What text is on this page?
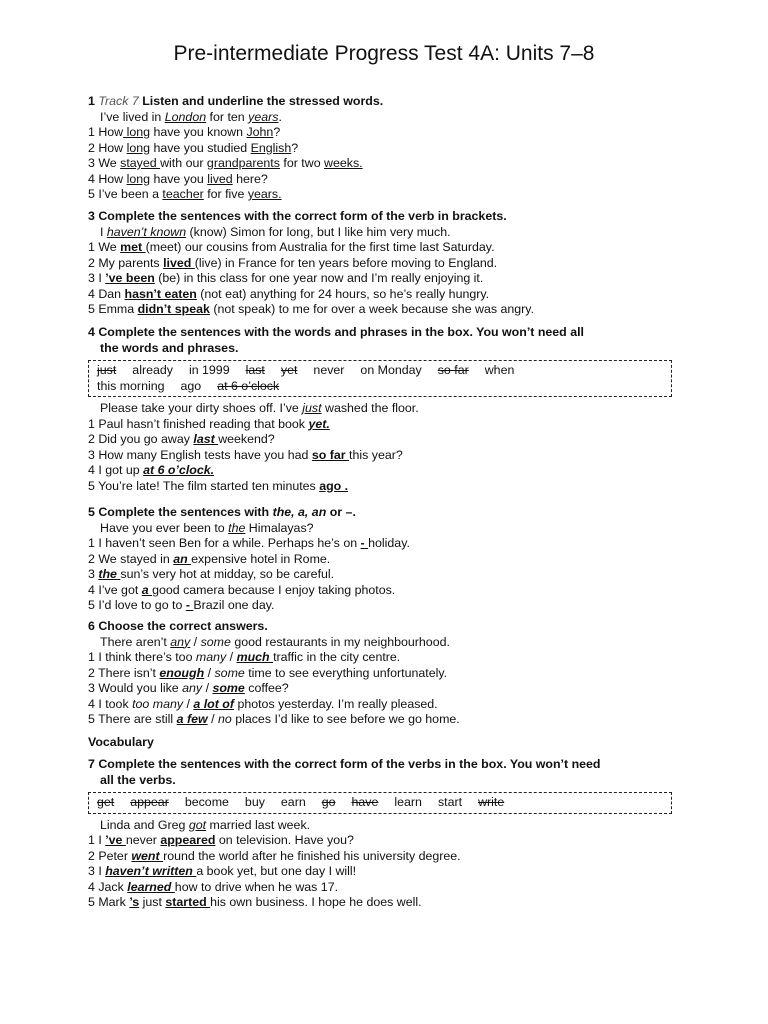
Pre-intermediate Progress Test 4A: Units 7–8
1 Track 7 Listen and underline the stressed words.
I’ve lived in London for ten years.
1 How long have you known John?
2 How long have you studied English?
3 We stayed with our grandparents for two weeks.
4 How long have you lived here?
5 I’ve been a teacher for five years.
3 Complete the sentences with the correct form of the verb in brackets.
I haven’t known (know) Simon for long, but I like him very much.
1 We met (meet) our cousins from Australia for the first time last Saturday.
2 My parents lived (live) in France for ten years before moving to England.
3 I ’ve been (be) in this class for one year now and I’m really enjoying it.
4 Dan hasn’t eaten (not eat) anything for 24 hours, so he’s really hungry.
5 Emma didn’t speak (not speak) to me for over a week because she was angry.
4 Complete the sentences with the words and phrases in the box. You won’t need all
the words and phrases.
just already in 1999 last yet never on Monday so far when
this morning ago at 6 o’clock
Please take your dirty shoes off. I’ve just washed the floor.
1 Paul hasn’t finished reading that book yet.
2 Did you go away last weekend?
3 How many English tests have you had so far this year?
4 I got up at 6 o’clock.
5 You’re late! The film started ten minutes ago .
5 Complete the sentences with the, a, an or –.
Have you ever been to the Himalayas?
1 I haven’t seen Ben for a while. Perhaps he’s on - holiday.
2 We stayed in an expensive hotel in Rome.
3 the sun’s very hot at midday, so be careful.
4 I’ve got a good camera because I enjoy taking photos.
5 I’d love to go to - Brazil one day.
6 Choose the correct answers.
There aren’t any / some good restaurants in my neighbourhood.
1 I think there’s too many / much traffic in the city centre.
2 There isn’t enough / some time to see everything unfortunately.
3 Would you like any / some coffee?
4 I took too many / a lot of photos yesterday. I’m really pleased.
5 There are still a few / no places I’d like to see before we go home.
Vocabulary
7 Complete the sentences with the correct form of the verbs in the box. You won’t need
all the verbs.
get appear become buy earn go have learn start write
Linda and Greg got married last week.
1 I ’ve never appeared on television. Have you?
2 Peter went round the world after he finished his university degree.
3 I haven’t written a book yet, but one day I will!
4 Jack learned how to drive when he was 17.
5 Mark ’s just started his own business. I hope he does well.
